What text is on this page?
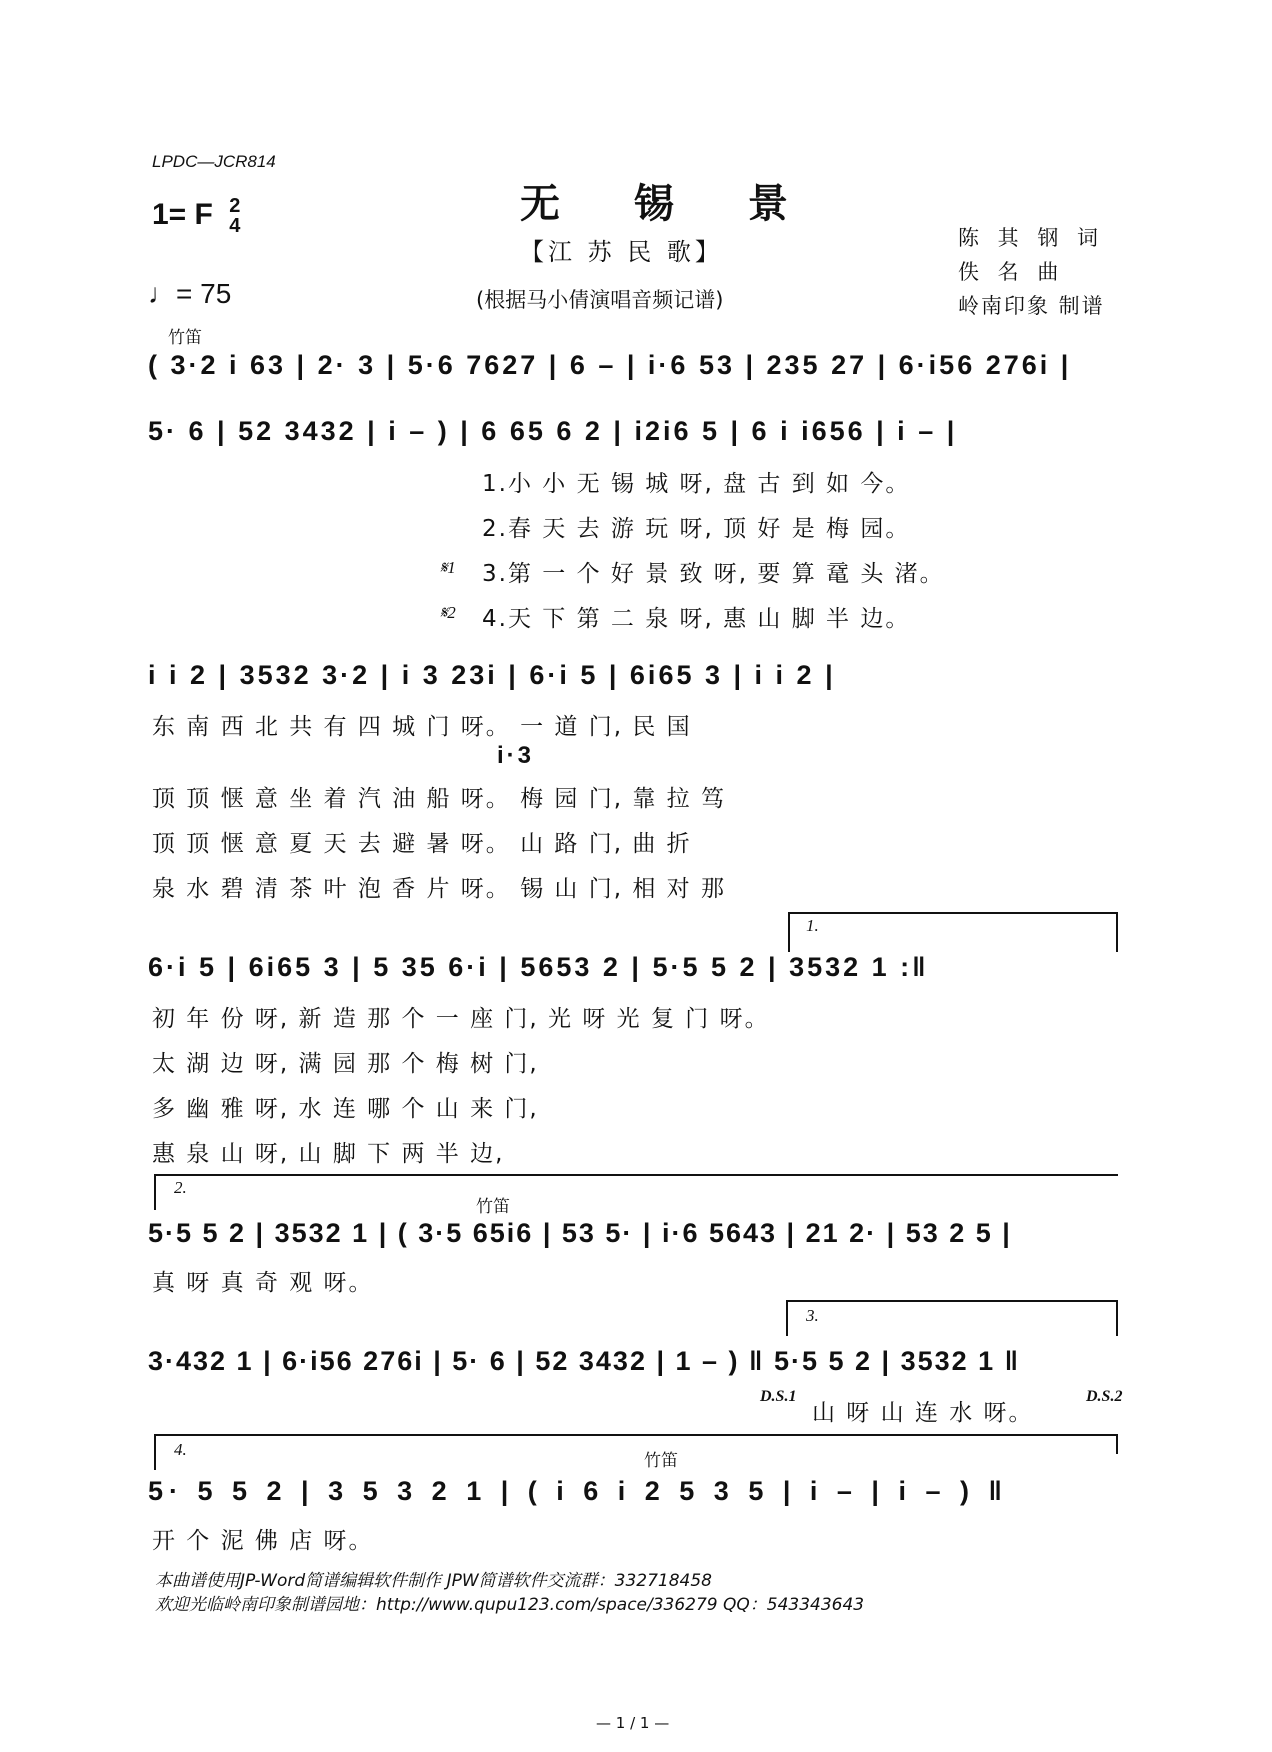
LPDC—JCR814
1= F 2
4
♩= 75
无 锡 景
【江 苏 民 歌】
(根据马小倩演唱音频记谱)
陈 其 钢 词
佚 名 曲
岭南印象 制谱
竹笛
( 3·2 i 63 | 2· 3 | 5·6 7627 | 6 – | i·6 53 | 235 27 | 6·i56 276i |
5· 6 | 52 3432 | i – ) | 6 65 6 2 | i2i6 5 | 6 i i656 | i – |
1.小 小 无 锡 城 呀, 盘 古 到 如 今。
2.春 天 去 游 玩 呀, 顶 好 是 梅 园。
𝄋1 3.第 一 个 好 景 致 呀, 要 算 鼋 头 渚。
𝄋2 4.天 下 第 二 泉 呀, 惠 山 脚 半 边。
i i 2 | 3532 3·2 | i 3 23i | 6·i 5 | 6i65 3 | i i 2 |
东 南 西 北 共 有 四 城 门 呀。 一 道 门, 民 国
i·3
顶 顶 惬 意 坐 着 汽 油 船 呀。 梅 园 门, 靠 拉 笃
顶 顶 惬 意 夏 天 去 避 暑 呀。 山 路 门, 曲 折
泉 水 碧 清 茶 叶 泡 香 片 呀。 锡 山 门, 相 对 那
1.
6·i 5 | 6i65 3 | 5 35 6·i | 5653 2 | 5·5 5 2 | 3532 1 :‖
初 年 份 呀, 新 造 那 个 一 座 门, 光 呀 光 复 门 呀。
太 湖 边 呀, 满 园 那 个 梅 树 门,
多 幽 雅 呀, 水 连 哪 个 山 来 门,
惠 泉 山 呀, 山 脚 下 两 半 边,
2.
竹笛
5·5 5 2 | 3532 1 | ( 3·5 65i6 | 53 5· | i·6 5643 | 21 2· | 53 2 5 |
真 呀 真 奇 观 呀。
3.
3·432 1 | 6·i56 276i | 5· 6 | 52 3432 | 1 – ) ‖ 5·5 5 2 | 3532 1 ‖
D.S.1
山 呀 山 连 水 呀。
D.S.2
4.
竹笛
5· 5 5 2 | 3 5 3 2 1 | ( i 6 i 2 5 3 5 | i – | i – ) ‖
开 个 泥 佛 店 呀。
本曲谱使用JP-Word简谱编辑软件制作 JPW简谱软件交流群：332718458
欢迎光临岭南印象制谱园地：http://www.qupu123.com/space/336279 QQ：543343643
— 1 / 1 —
